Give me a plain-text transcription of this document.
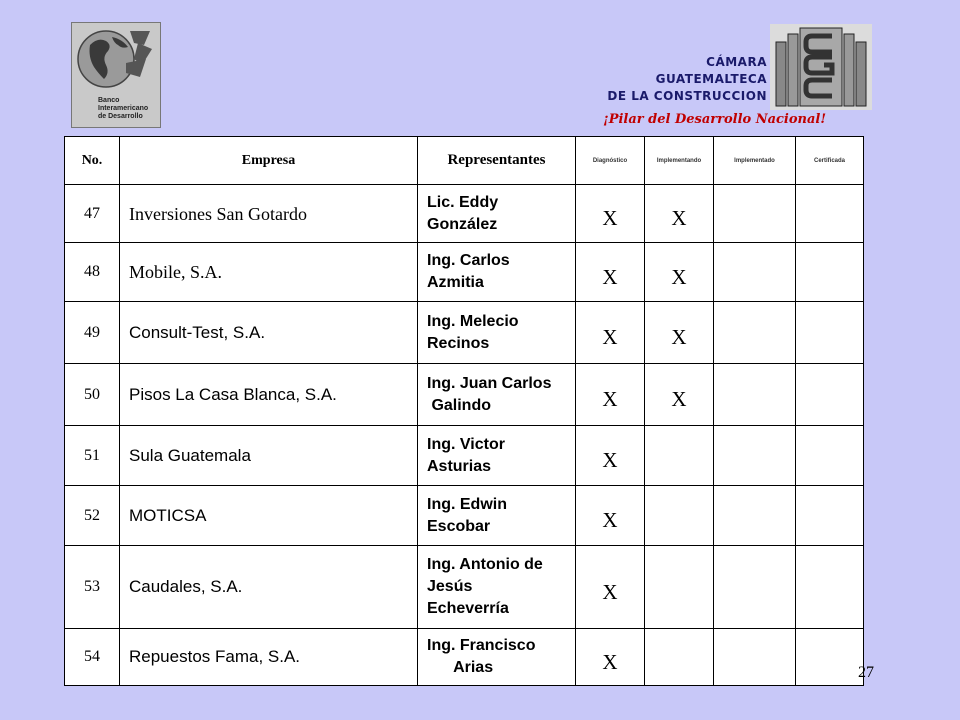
Banco
Interamericano
de Desarrollo
CÁMARA
GUATEMALTECA
DE LA CONSTRUCCION
¡Pilar del Desarrollo Nacional!
No.	Empresa	Representantes	Diagnóstico	Implementando	Implementado	Certificada
47	Inversiones San Gotardo	Lic. Eddy
González	X	X		
48	Mobile, S.A.	Ing. Carlos
Azmitia	X	X		
49	Consult-Test, S.A.	Ing. Melecio
Recinos	X	X		
50	Pisos La Casa Blanca, S.A.	Ing. Juan Carlos
Galindo	X	X		
51	Sula Guatemala	Ing. Victor
Asturias	X			
52	MOTICSA	Ing. Edwin
Escobar	X			
53	Caudales, S.A.	Ing. Antonio de
Jesús
Echeverría	X			
54	Repuestos Fama, S.A.	Ing. Francisco
Arias	X				27
